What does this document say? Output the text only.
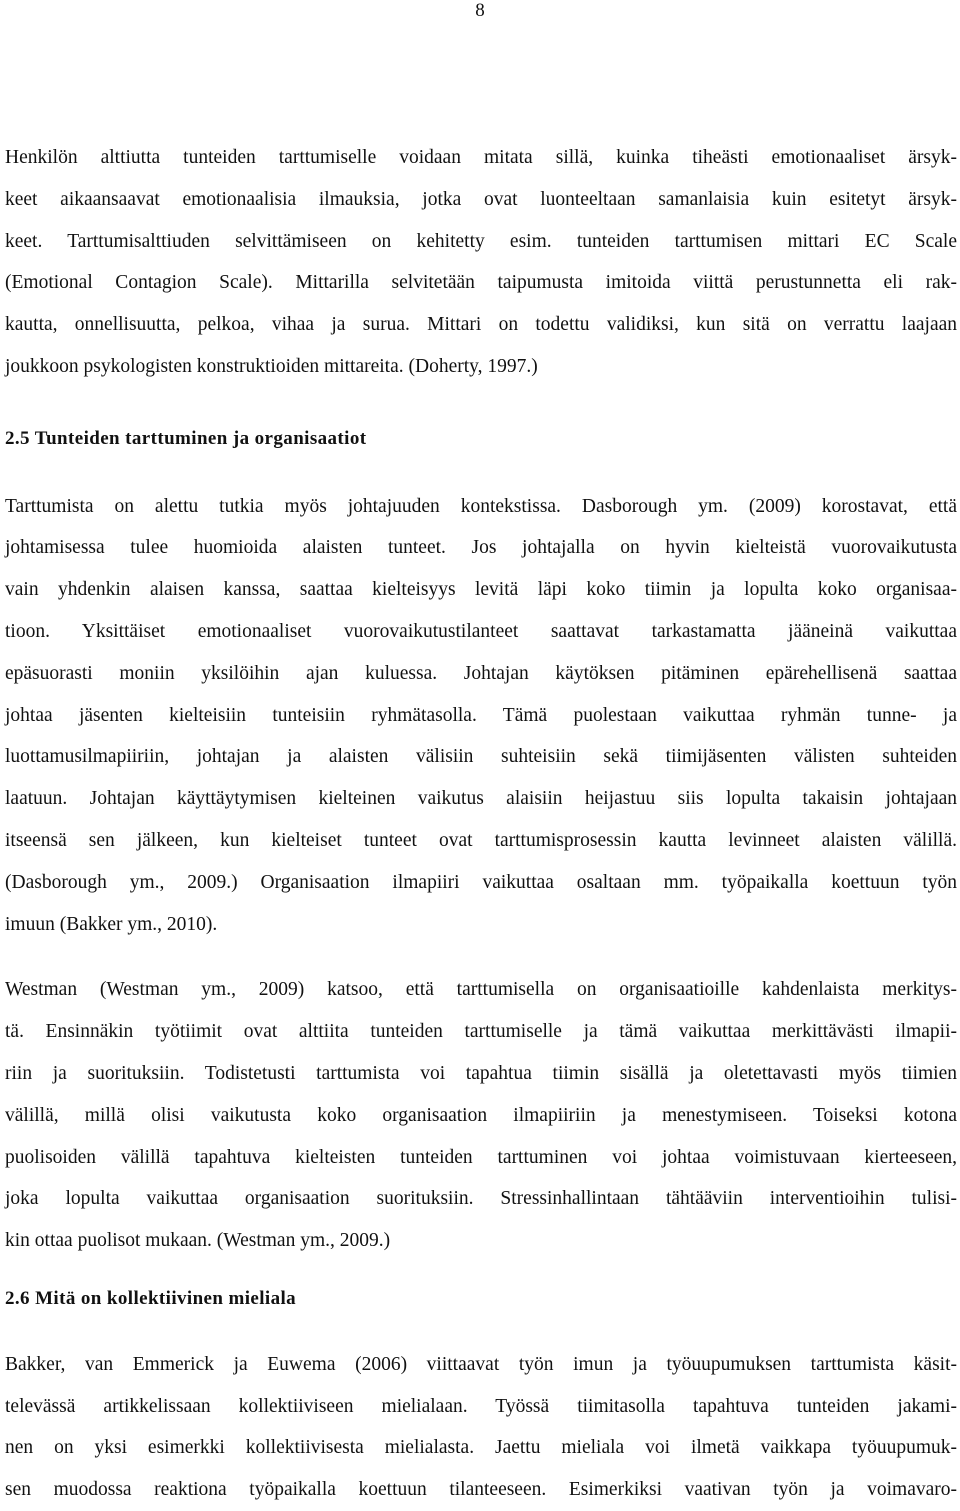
8

Henkilön alttiutta tunteiden tarttumiselle voidaan mitata sillä, kuinka tiheästi emotionaaliset ärsyk-
keet aikaansaavat emotionaalisia ilmauksia, jotka ovat luonteeltaan samanlaisia kuin esitetyt ärsyk-
keet. Tarttumisalttiuden selvittämiseen on kehitetty esim. tunteiden tarttumisen mittari EC Scale
(Emotional Contagion Scale). Mittarilla selvitetään taipumusta imitoida viittä perustunnetta eli rak-
kautta, onnellisuutta, pelkoa, vihaa ja surua. Mittari on todettu validiksi, kun sitä on verrattu laajaan
joukkoon psykologisten konstruktioiden mittareita. (Doherty, 1997.)

2.5 Tunteiden tarttuminen ja organisaatiot

Tarttumista on alettu tutkia myös johtajuuden kontekstissa. Dasborough ym. (2009) korostavat, että
johtamisessa tulee huomioida alaisten tunteet. Jos johtajalla on hyvin kielteistä vuorovaikutusta
vain yhdenkin alaisen kanssa, saattaa kielteisyys levitä läpi koko tiimin ja lopulta koko organisaa-
tioon. Yksittäiset emotionaaliset vuorovaikutustilanteet saattavat tarkastamatta jääneinä vaikuttaa
epäsuorasti moniin yksilöihin ajan kuluessa. Johtajan käytöksen pitäminen epärehellisenä saattaa
johtaa jäsenten kielteisiin tunteisiin ryhmätasolla. Tämä puolestaan vaikuttaa ryhmän tunne- ja
luottamusilmapiiriin, johtajan ja alaisten välisiin suhteisiin sekä tiimijäsenten välisten suhteiden
laatuun. Johtajan käyttäytymisen kielteinen vaikutus alaisiin heijastuu siis lopulta takaisin johtajaan
itseensä sen jälkeen, kun kielteiset tunteet ovat tarttumisprosessin kautta levinneet alaisten välillä.
(Dasborough ym., 2009.) Organisaation ilmapiiri vaikuttaa osaltaan mm. työpaikalla koettuun työn
imuun (Bakker ym., 2010).

Westman (Westman ym., 2009) katsoo, että tarttumisella on organisaatioille kahdenlaista merkitys-
tä. Ensinnäkin työtiimit ovat alttiita tunteiden tarttumiselle ja tämä vaikuttaa merkittävästi ilmapii-
riin ja suorituksiin. Todistetusti tarttumista voi tapahtua tiimin sisällä ja oletettavasti myös tiimien
välillä, millä olisi vaikutusta koko organisaation ilmapiiriin ja menestymiseen. Toiseksi kotona
puolisoiden välillä tapahtuva kielteisten tunteiden tarttuminen voi johtaa voimistuvaan kierteeseen,
joka lopulta vaikuttaa organisaation suorituksiin. Stressinhallintaan tähtääviin interventioihin tulisi-
kin ottaa puolisot mukaan. (Westman ym., 2009.)

2.6 Mitä on kollektiivinen mieliala

Bakker, van Emmerick ja Euwema (2006) viittaavat työn imun ja työuupumuksen tarttumista käsit-
televässä artikkelissaan kollektiiviseen mielialaan. Työssä tiimitasolla tapahtuva tunteiden jakami-
nen on yksi esimerkki kollektiivisesta mielialasta. Jaettu mieliala voi ilmetä vaikkapa työuupumuk-
sen muodossa reaktiona työpaikalla koettuun tilanteeseen. Esimerkiksi vaativan työn ja voimavaro-
